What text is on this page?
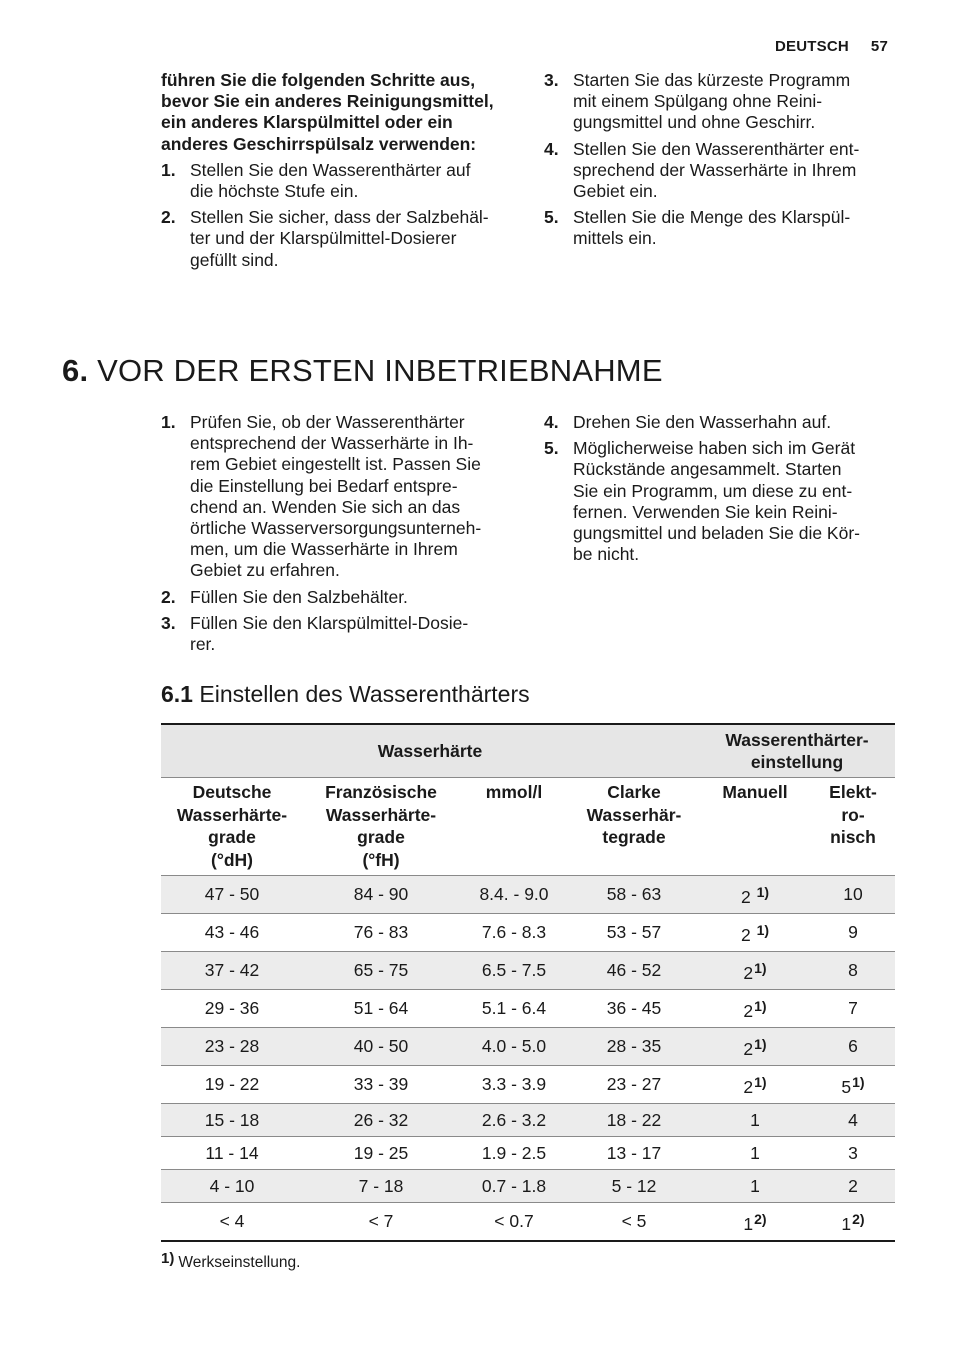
DEUTSCH 57

führen Sie die folgenden Schritte aus, bevor Sie ein anderes Reinigungsmittel, ein anderes Klarspülmittel oder ein anderes Geschirrspülsalz verwenden:

1. Stellen Sie den Wasserenthärter auf
die höchste Stufe ein.
2. Stellen Sie sicher, dass der Salzbehäl-
ter und der Klarspülmittel-Dosierer
gefüllt sind.
3. Starten Sie das kürzeste Programm
mit einem Spülgang ohne Reini-
gungsmittel und ohne Geschirr.
4. Stellen Sie den Wasserenthärter ent-
sprechend der Wasserhärte in Ihrem
Gebiet ein.
5. Stellen Sie die Menge des Klarspül-
mittels ein.
6. VOR DER ERSTEN INBETRIEBNAHME
1. Prüfen Sie, ob der Wasserenthärter
entsprechend der Wasserhärte in Ih-
rem Gebiet eingestellt ist. Passen Sie
die Einstellung bei Bedarf entspre-
chend an. Wenden Sie sich an das
örtliche Wasserversorgungsunterneh-
men, um die Wasserhärte in Ihrem
Gebiet zu erfahren.
2. Füllen Sie den Salzbehälter.
3. Füllen Sie den Klarspülmittel-Dosie-
rer.
4. Drehen Sie den Wasserhahn auf.
5. Möglicherweise haben sich im Gerät
Rückstände angesammelt. Starten
Sie ein Programm, um diese zu ent-
fernen. Verwenden Sie kein Reini-
gungsmittel und beladen Sie die Kör-
be nicht.
6.1 Einstellen des Wasserenthärters
Wasserhärte				Wasserenthärter-
einstellung	
Deutsche
Wasserhärte-
grade
(°dH)	Französische
Wasserhärte-
grade
(°fH)	mmol/l	Clarke
Wasserhär-
tegrade	Manuell	Elekt-
ro-
nisch
47 - 50	84 - 90	8.4. - 9.0	58 - 63	2 $^{1)}$	10
43 - 46	76 - 83	7.6 - 8.3	53 - 57	2 $^{1)}$	9
37 - 42	65 - 75	6.5 - 7.5	46 - 52	2$^{1)}$	8
29 - 36	51 - 64	5.1 - 6.4	36 - 45	2$^{1)}$	7
23 - 28	40 - 50	4.0 - 5.0	28 - 35	2$^{1)}$	6
19 - 22	33 - 39	3.3 - 3.9	23 - 27	2$^{1)}$	5$^{1)}$
15 - 18	26 - 32	2.6 - 3.2	18 - 22	1	4
11 - 14	19 - 25	1.9 - 2.5	13 - 17	1	3
4 - 10	7 - 18	0.7 - 1.8	5 - 12	1	2
< 4	< 7	< 0.7	< 5	1$^{2)}$	1$^{2)}$
1) Werkseinstellung.
